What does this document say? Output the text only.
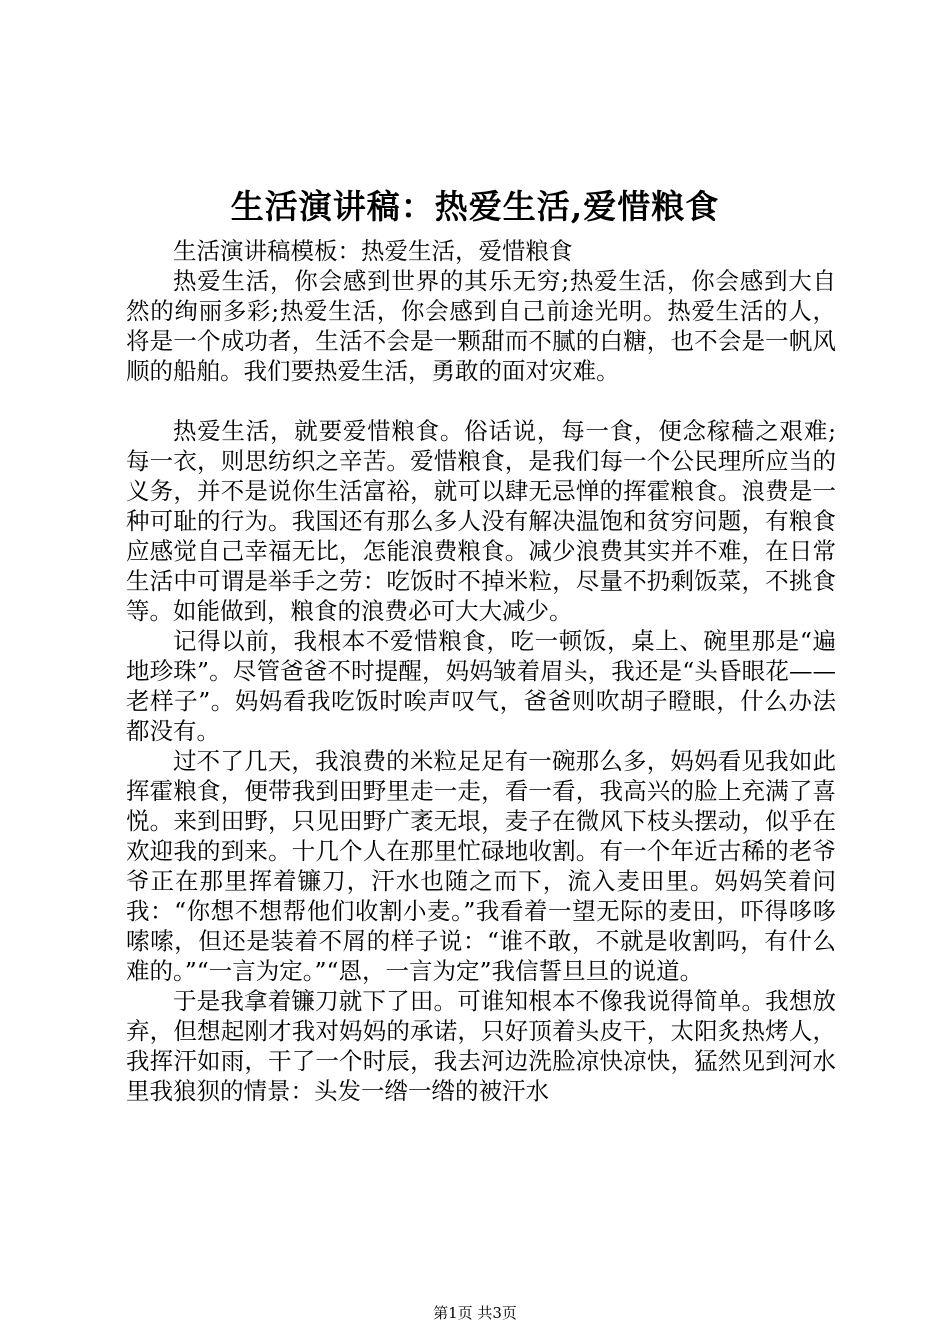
生活演讲稿：热爱生活,爱惜粮食

生活演讲稿模板：热爱生活，爱惜粮食

热爱生活，你会感到世界的其乐无穷;热爱生活，你会感到大自然的绚丽多彩;热爱生活，你会感到自己前途光明。热爱生活的人，将是一个成功者，生活不会是一颗甜而不腻的白糖，也不会是一帆风顺的船舶。我们要热爱生活，勇敢的面对灾难。

热爱生活，就要爱惜粮食。俗话说，每一食，便念稼穑之艰难;每一衣，则思纺织之辛苦。爱惜粮食，是我们每一个公民理所应当的义务，并不是说你生活富裕，就可以肆无忌惮的挥霍粮食。浪费是一种可耻的行为。我国还有那么多人没有解决温饱和贫穷问题，有粮食应感觉自己幸福无比，怎能浪费粮食。减少浪费其实并不难，在日常生活中可谓是举手之劳：吃饭时不掉米粒，尽量不扔剩饭菜，不挑食等。如能做到，粮食的浪费必可大大减少。

记得以前，我根本不爱惜粮食，吃一顿饭，桌上、碗里那是“遍地珍珠”。尽管爸爸不时提醒，妈妈皱着眉头，我还是“头昏眼花——老样子”。妈妈看我吃饭时唉声叹气，爸爸则吹胡子瞪眼，什么办法都没有。

过不了几天，我浪费的米粒足足有一碗那么多，妈妈看见我如此挥霍粮食，便带我到田野里走一走，看一看，我高兴的脸上充满了喜悦。来到田野，只见田野广袤无垠，麦子在微风下枝头摆动，似乎在欢迎我的到来。十几个人在那里忙碌地收割。有一个年近古稀的老爷爷正在那里挥着镰刀，汗水也随之而下，流入麦田里。妈妈笑着问我：“你想不想帮他们收割小麦。”我看着一望无际的麦田，吓得哆哆嗦嗦，但还是装着不屑的样子说：“谁不敢，不就是收割吗，有什么难的。”“一言为定。”“恩，一言为定”我信誓旦旦的说道。

于是我拿着镰刀就下了田。可谁知根本不像我说得简单。我想放弃，但想起刚才我对妈妈的承诺，只好顶着头皮干，太阳炙热烤人，我挥汗如雨，干了一个时辰，我去河边洗脸凉快凉快，猛然见到河水里我狼狈的情景：头发一绺一绺的被汗水

第1页 共3页
